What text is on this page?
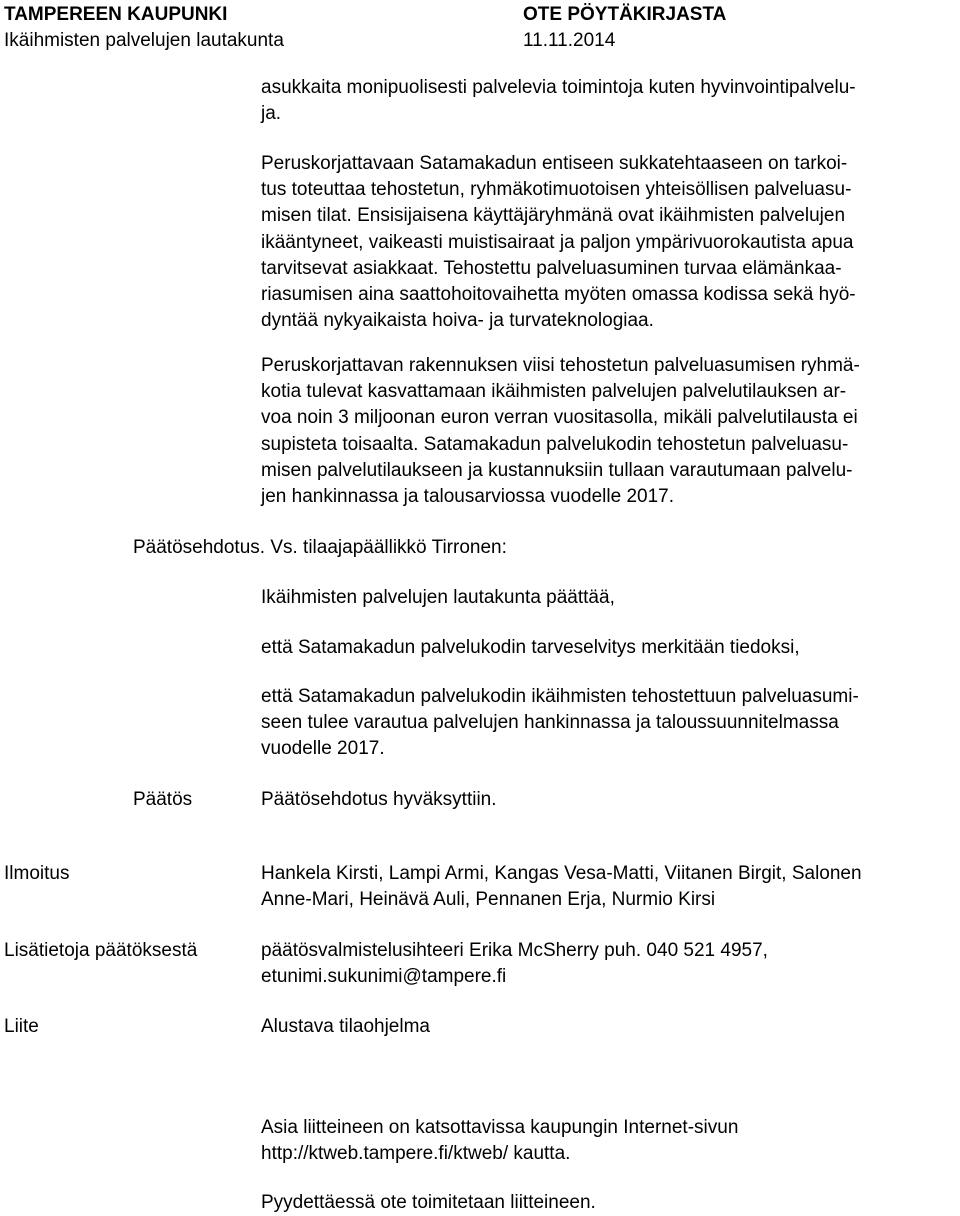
TAMPEREEN KAUPUNKI	OTE PÖYTÄKIRJASTA
Ikäihmisten palvelujen lautakunta	11.11.2014
asukkaita monipuolisesti palvelevia toimintoja kuten hyvinvointipalvelu-
ja.
Peruskorjattavaan Satamakadun entiseen sukkatehtaaseen on tarkoi-
tus toteuttaa tehostetun, ryhmäkotimuotoisen yhteisöllisen palveluasu-
misen tilat. Ensisijaisena käyttäjäryhmänä ovat ikäihmisten palvelujen
ikääntyneet, vaikeasti muistisairaat ja paljon ympärivuorokautista apua
tarvitsevat asiakkaat. Tehostettu palveluasuminen turvaa elämänkaa-
riasumisen aina saattohoitovaihetta myöten omassa kodissa sekä hyö-
dyntää nykyaikaista hoiva- ja turvateknologiaa.
Peruskorjattavan rakennuksen viisi tehostetun palveluasumisen ryhmä-
kotia tulevat kasvattamaan ikäihmisten palvelujen palvelutilauksen ar-
voa noin 3 miljoonan euron verran vuositasolla, mikäli palvelutilausta ei
supisteta toisaalta. Satamakadun palvelukodin tehostetun palveluasu-
misen palvelutilaukseen ja kustannuksiin tullaan varautumaan palvelu-
jen hankinnassa ja talousarviossa vuodelle 2017.
Päätösehdotus. Vs. tilaajapäällikkö Tirronen:
Ikäihmisten palvelujen lautakunta päättää,
että Satamakadun palvelukodin tarveselvitys merkitään tiedoksi,
että Satamakadun palvelukodin ikäihmisten tehostettuun palveluasumi-
seen tulee varautua palvelujen hankinnassa ja taloussuunnitelmassa
vuodelle 2017.
Päätös	Päätösehdotus hyväksyttiin.
Ilmoitus	Hankela Kirsti, Lampi Armi, Kangas Vesa-Matti, Viitanen Birgit, Salonen
Anne-Mari, Heinävä Auli, Pennanen Erja, Nurmio Kirsi
Lisätietoja päätöksestä	päätösvalmistelusihteeri Erika McSherry puh. 040 521 4957,
etunimi.sukunimi@tampere.fi
Liite	Alustava tilaohjelma
Asia liitteineen on katsottavissa kaupungin Internet-sivun
http://ktweb.tampere.fi/ktweb/ kautta.
Pyydettäessä ote toimitetaan liitteineen.
